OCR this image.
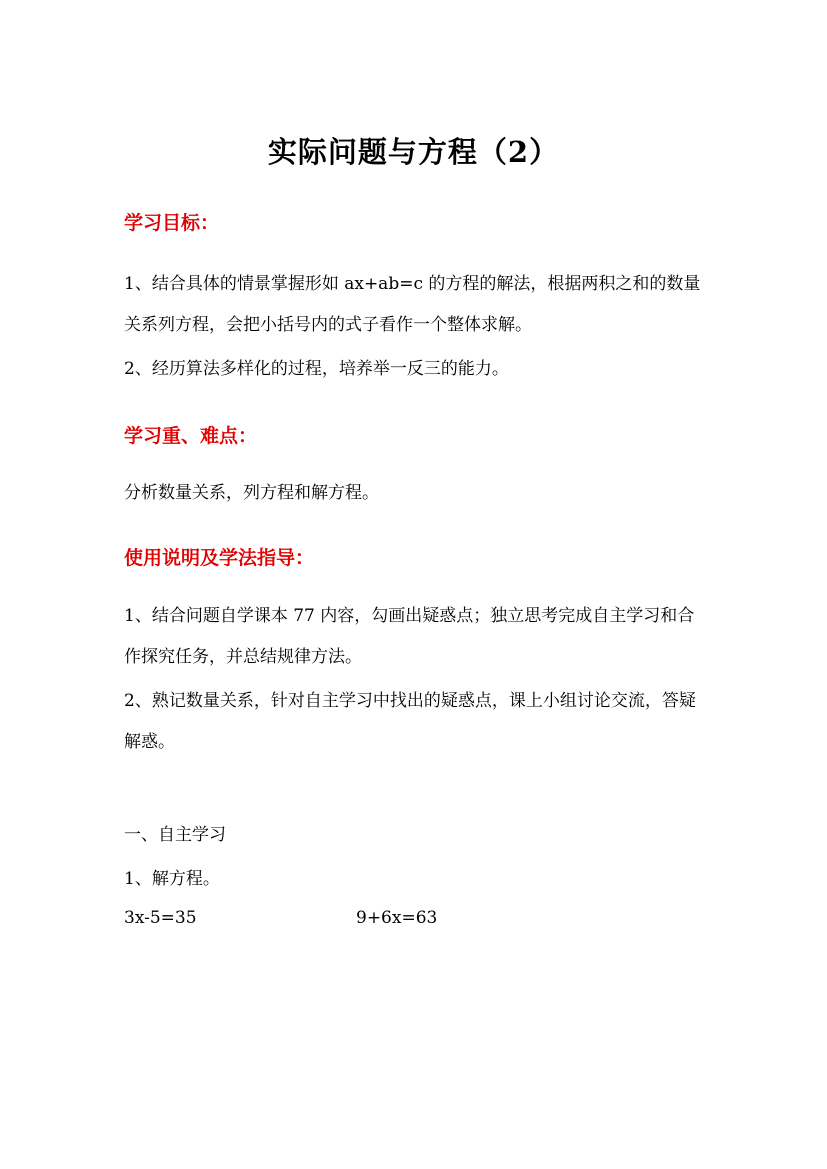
实际问题与方程（2）
学习目标：
1、结合具体的情景掌握形如 ax+ab=c 的方程的解法，根据两积之和的数量关系列方程，会把小括号内的式子看作一个整体求解。
2、经历算法多样化的过程，培养举一反三的能力。
学习重、难点：
分析数量关系，列方程和解方程。
使用说明及学法指导：
1、结合问题自学课本 77 内容，勾画出疑惑点；独立思考完成自主学习和合作探究任务，并总结规律方法。
2、熟记数量关系，针对自主学习中找出的疑惑点，课上小组讨论交流，答疑解惑。
一、自主学习
1、解方程。
3x-5=35	9+6x=63
